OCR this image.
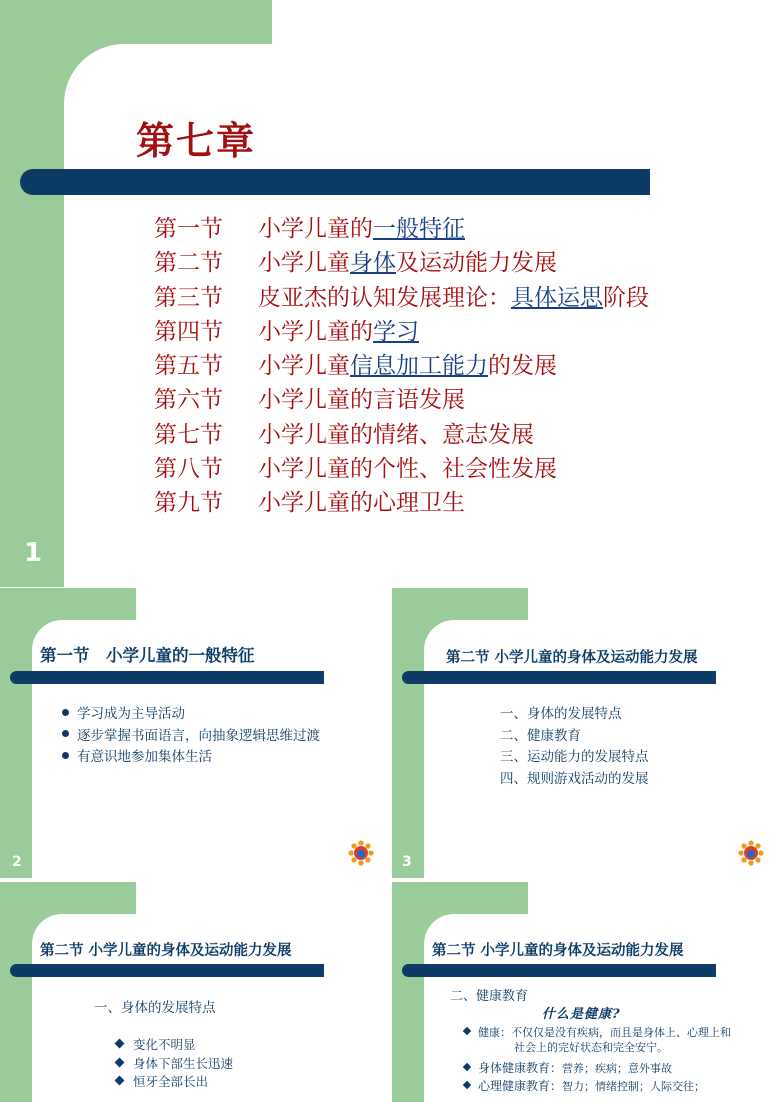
第七章
第一节 小学儿童的一般特征
第二节 小学儿童身体及运动能力发展
第三节 皮亚杰的认知发展理论：具体运思阶段
第四节 小学儿童的学习
第五节 小学儿童信息加工能力的发展
第六节 小学儿童的言语发展
第七节 小学儿童的情绪、意志发展
第八节 小学儿童的个性、社会性发展
第九节 小学儿童的心理卫生
1
第一节　小学儿童的一般特征
学习成为主导活动
逐步掌握书面语言，向抽象逻辑思维过渡
有意识地参加集体生活
2
第二节 小学儿童的身体及运动能力发展
一、身体的发展特点
二、健康教育
三、运动能力的发展特点
四、规则游戏活动的发展
3
第二节 小学儿童的身体及运动能力发展
一、身体的发展特点
变化不明显
身体下部生长迅速
恒牙全部长出
第二节 小学儿童的身体及运动能力发展
二、健康教育
什么是健康?
健康：不仅仅是没有疾病，而且是身体上、心理上和
社会上的完好状态和完全安宁。
身体健康教育：营养；疾病；意外事故
心理健康教育：智力；情绪控制；人际交往；
